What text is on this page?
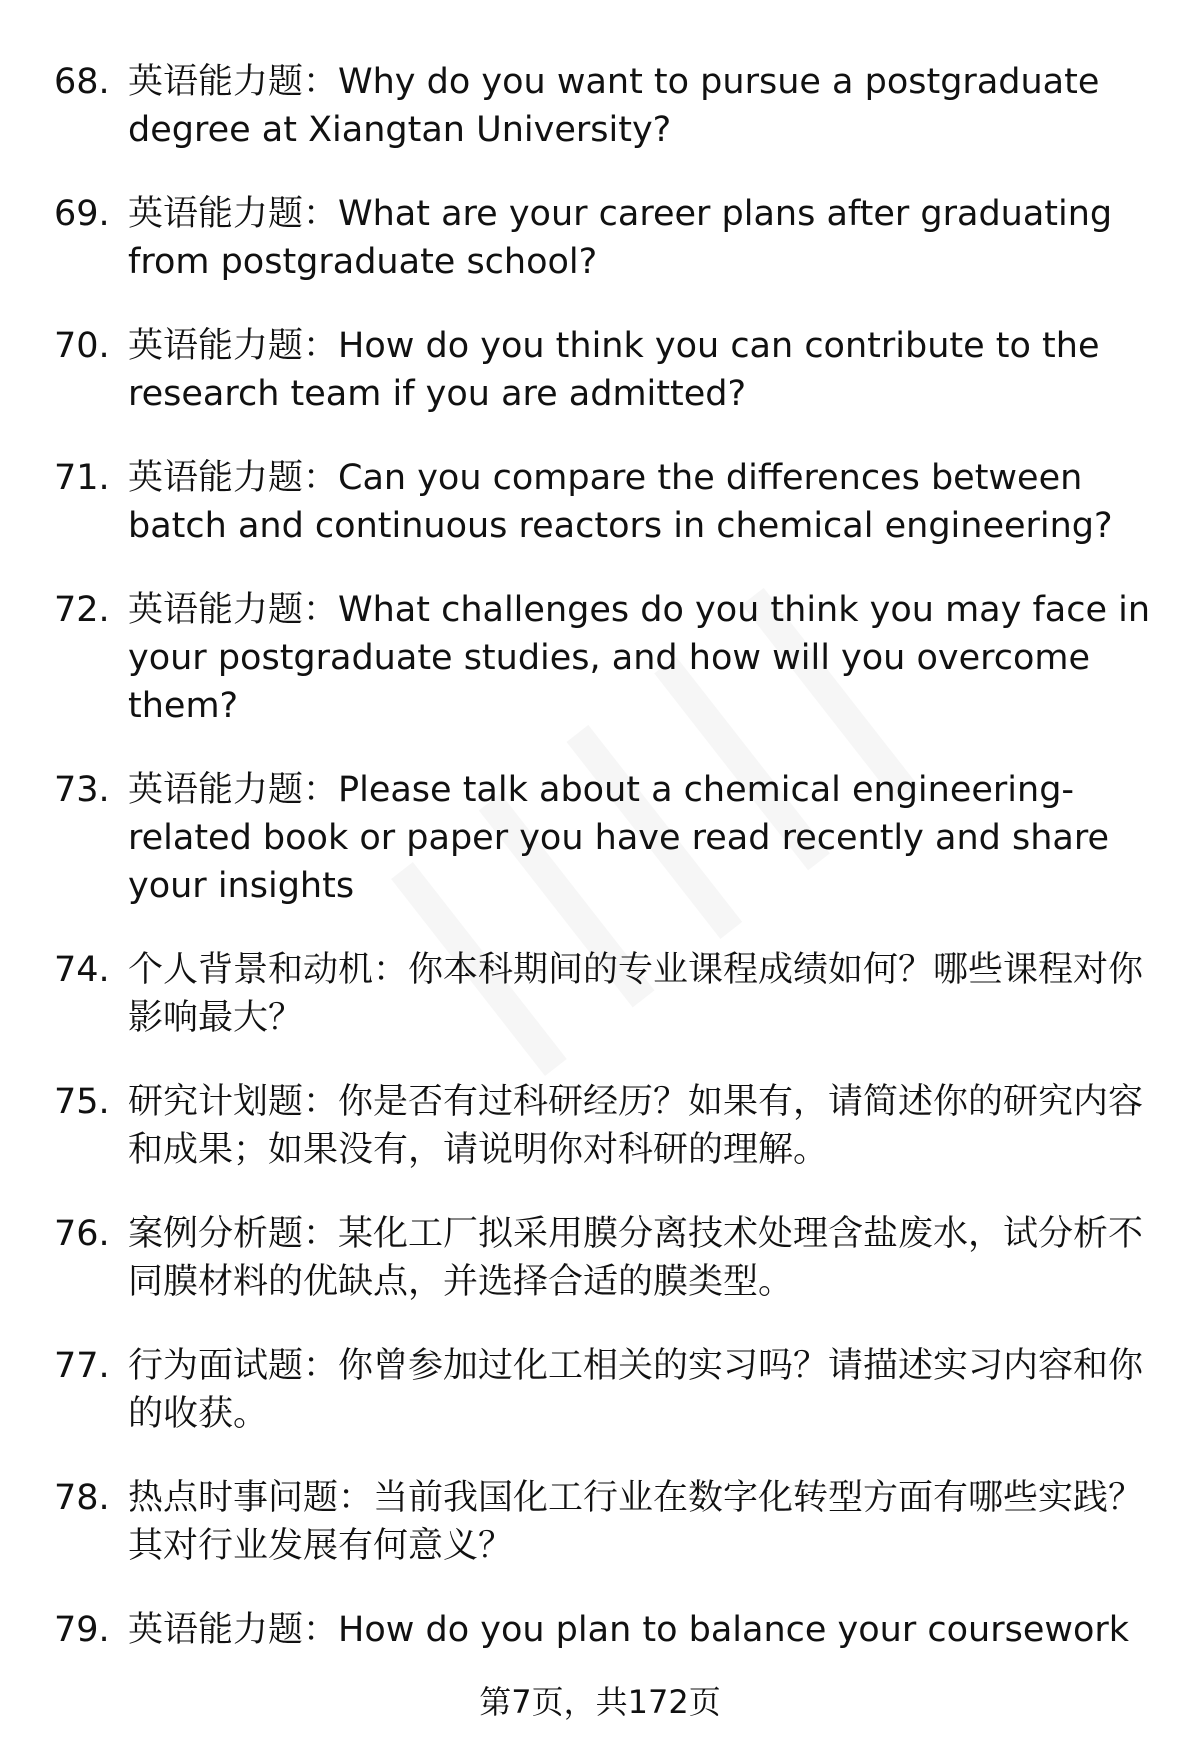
68. 英语能力题：Why do you want to pursue a postgraduate degree at Xiangtan University?
69. 英语能力题：What are your career plans after graduating from postgraduate school?
70. 英语能力题：How do you think you can contribute to the research team if you are admitted?
71. 英语能力题：Can you compare the differences between batch and continuous reactors in chemical engineering?
72. 英语能力题：What challenges do you think you may face in your postgraduate studies, and how will you overcome them?
73. 英语能力题：Please talk about a chemical engineering-related book or paper you have read recently and share your insights
74. 个人背景和动机：你本科期间的专业课程成绩如何？哪些课程对你影响最大？
75. 研究计划题：你是否有过科研经历？如果有，请简述你的研究内容和成果；如果没有，请说明你对科研的理解。
76. 案例分析题：某化工厂拟采用膜分离技术处理含盐废水，试分析不同膜材料的优缺点，并选择合适的膜类型。
77. 行为面试题：你曾参加过化工相关的实习吗？请描述实习内容和你的收获。
78. 热点时事问题：当前我国化工行业在数字化转型方面有哪些实践？其对行业发展有何意义？
79. 英语能力题：How do you plan to balance your coursework
第7页，共172页
